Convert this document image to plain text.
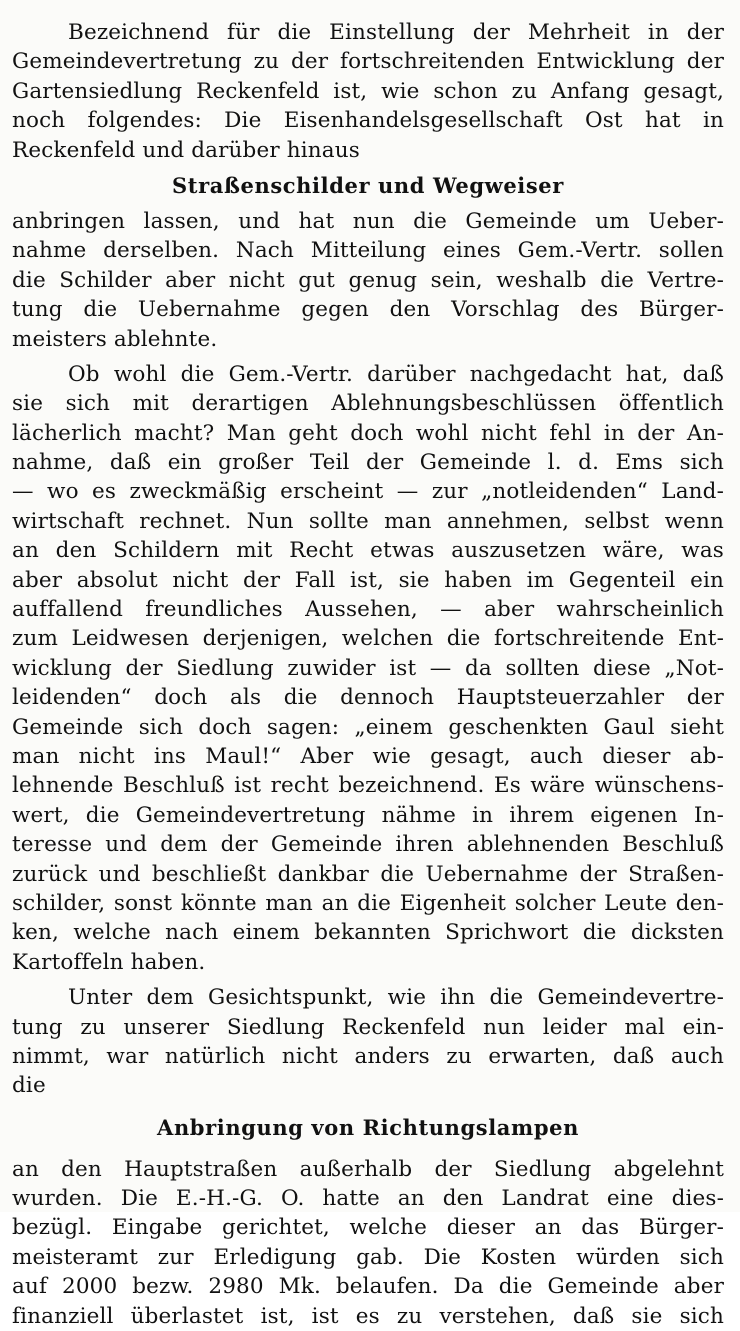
Bezeichnend für die Einstellung der Mehrheit in der
Gemeindevertretung zu der fortschreitenden Entwicklung der
Gartensiedlung Reckenfeld ist, wie schon zu Anfang gesagt,
noch folgendes: Die Eisenhandelsgesellschaft Ost hat in
Reckenfeld und darüber hinaus
Straßenschilder und Wegweiser
anbringen lassen, und hat nun die Gemeinde um Ueber-
nahme derselben. Nach Mitteilung eines Gem.-Vertr. sollen
die Schilder aber nicht gut genug sein, weshalb die Vertre-
tung die Uebernahme gegen den Vorschlag des Bürger-
meisters ablehnte.
Ob wohl die Gem.-Vertr. darüber nachgedacht hat, daß
sie sich mit derartigen Ablehnungsbeschlüssen öffentlich
lächerlich macht? Man geht doch wohl nicht fehl in der An-
nahme, daß ein großer Teil der Gemeinde l. d. Ems sich
— wo es zweckmäßig erscheint — zur „notleidenden“ Land-
wirtschaft rechnet. Nun sollte man annehmen, selbst wenn
an den Schildern mit Recht etwas auszusetzen wäre, was
aber absolut nicht der Fall ist, sie haben im Gegenteil ein
auffallend freundliches Aussehen, — aber wahrscheinlich
zum Leidwesen derjenigen, welchen die fortschreitende Ent-
wicklung der Siedlung zuwider ist — da sollten diese „Not-
leidenden“ doch als die dennoch Hauptsteuerzahler der
Gemeinde sich doch sagen: „einem geschenkten Gaul sieht
man nicht ins Maul!“ Aber wie gesagt, auch dieser ab-
lehnende Beschluß ist recht bezeichnend. Es wäre wünschens-
wert, die Gemeindevertretung nähme in ihrem eigenen In-
teresse und dem der Gemeinde ihren ablehnenden Beschluß
zurück und beschließt dankbar die Uebernahme der Straßen-
schilder, sonst könnte man an die Eigenheit solcher Leute den-
ken, welche nach einem bekannten Sprichwort die dicksten
Kartoffeln haben.
Unter dem Gesichtspunkt, wie ihn die Gemeindevertre-
tung zu unserer Siedlung Reckenfeld nun leider mal ein-
nimmt, war natürlich nicht anders zu erwarten, daß auch
die
Anbringung von Richtungslampen
an den Hauptstraßen außerhalb der Siedlung abgelehnt
wurden. Die E.-H.-G. O. hatte an den Landrat eine dies-
bezügl. Eingabe gerichtet, welche dieser an das Bürger-
meisteramt zur Erledigung gab. Die Kosten würden sich
auf 2000 bezw. 2980 Mk. belaufen. Da die Gemeinde aber
finanziell überlastet ist, ist es zu verstehen, daß sie sich
